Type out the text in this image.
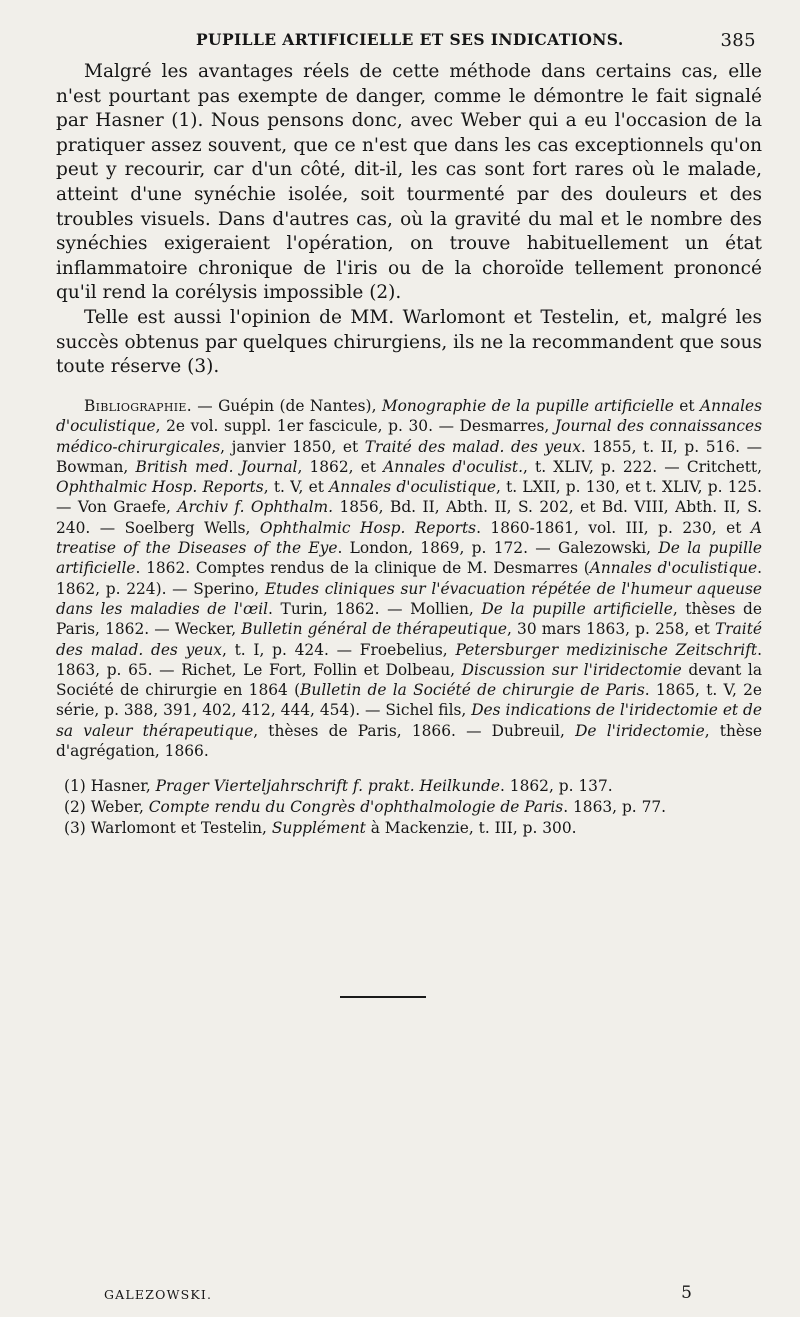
PUPILLE ARTIFICIELLE ET SES INDICATIONS.	385

Malgré les avantages réels de cette méthode dans certains cas, elle n'est pourtant pas exempte de danger, comme le démontre le fait signalé par Hasner (1). Nous pensons donc, avec Weber qui a eu l'occasion de la pratiquer assez souvent, que ce n'est que dans les cas exceptionnels qu'on peut y recourir, car d'un côté, dit-il, les cas sont fort rares où le malade, atteint d'une synéchie isolée, soit tourmenté par des douleurs et des troubles visuels. Dans d'autres cas, où la gravité du mal et le nombre des synéchies exigeraient l'opération, on trouve habituellement un état inflammatoire chronique de l'iris ou de la choroïde tellement prononcé qu'il rend la corélysis impossible (2).

Telle est aussi l'opinion de MM. Warlomont et Testelin, et, malgré les succès obtenus par quelques chirurgiens, ils ne la recommandent que sous toute réserve (3).

Bibliographie. — Guépin (de Nantes), Monographie de la pupille artificielle et Annales d'oculistique, 2e vol. suppl. 1er fascicule, p. 30. — Desmarres, Journal des connaissances médico-chirurgicales, janvier 1850, et Traité des malad. des yeux. 1855, t. II, p. 516. — Bowman, British med. Journal, 1862, et Annales d'oculist., t. XLIV, p. 222. — Critchett, Ophthalmic Hosp. Reports, t. V, et Annales d'oculistique, t. LXII, p. 130, et t. XLIV, p. 125. — Von Graefe, Archiv f. Ophthalm. 1856, Bd. II, Abth. II, S. 202, et Bd. VIII, Abth. II, S. 240. — Soelberg Wells, Ophthalmic Hosp. Reports. 1860-1861, vol. III, p. 230, et A treatise of the Diseases of the Eye. London, 1869, p. 172. — Galezowski, De la pupille artificielle. 1862. Comptes rendus de la clinique de M. Desmarres (Annales d'oculistique. 1862, p. 224). — Sperino, Etudes cliniques sur l'évacuation répétée de l'humeur aqueuse dans les maladies de l'œil. Turin, 1862. — Mollien, De la pupille artificielle, thèses de Paris, 1862. — Wecker, Bulletin général de thérapeutique, 30 mars 1863, p. 258, et Traité des malad. des yeux, t. I, p. 424. — Froebelius, Petersburger medizinische Zeitschrift. 1863, p. 65. — Richet, Le Fort, Follin et Dolbeau, Discussion sur l'iridectomie devant la Société de chirurgie en 1864 (Bulletin de la Société de chirurgie de Paris. 1865, t. V, 2e série, p. 388, 391, 402, 412, 444, 454). — Sichel fils, Des indications de l'iridectomie et de sa valeur thérapeutique, thèses de Paris, 1866. — Dubreuil, De l'iridectomie, thèse d'agrégation, 1866.
(1) Hasner, Prager Vierteljahrschrift f. prakt. Heilkunde. 1862, p. 137.
(2) Weber, Compte rendu du Congrès d'ophthalmologie de Paris. 1863, p. 77.
(3) Warlomont et Testelin, Supplément à Mackenzie, t. III, p. 300.
GALEZOWSKI.	5
